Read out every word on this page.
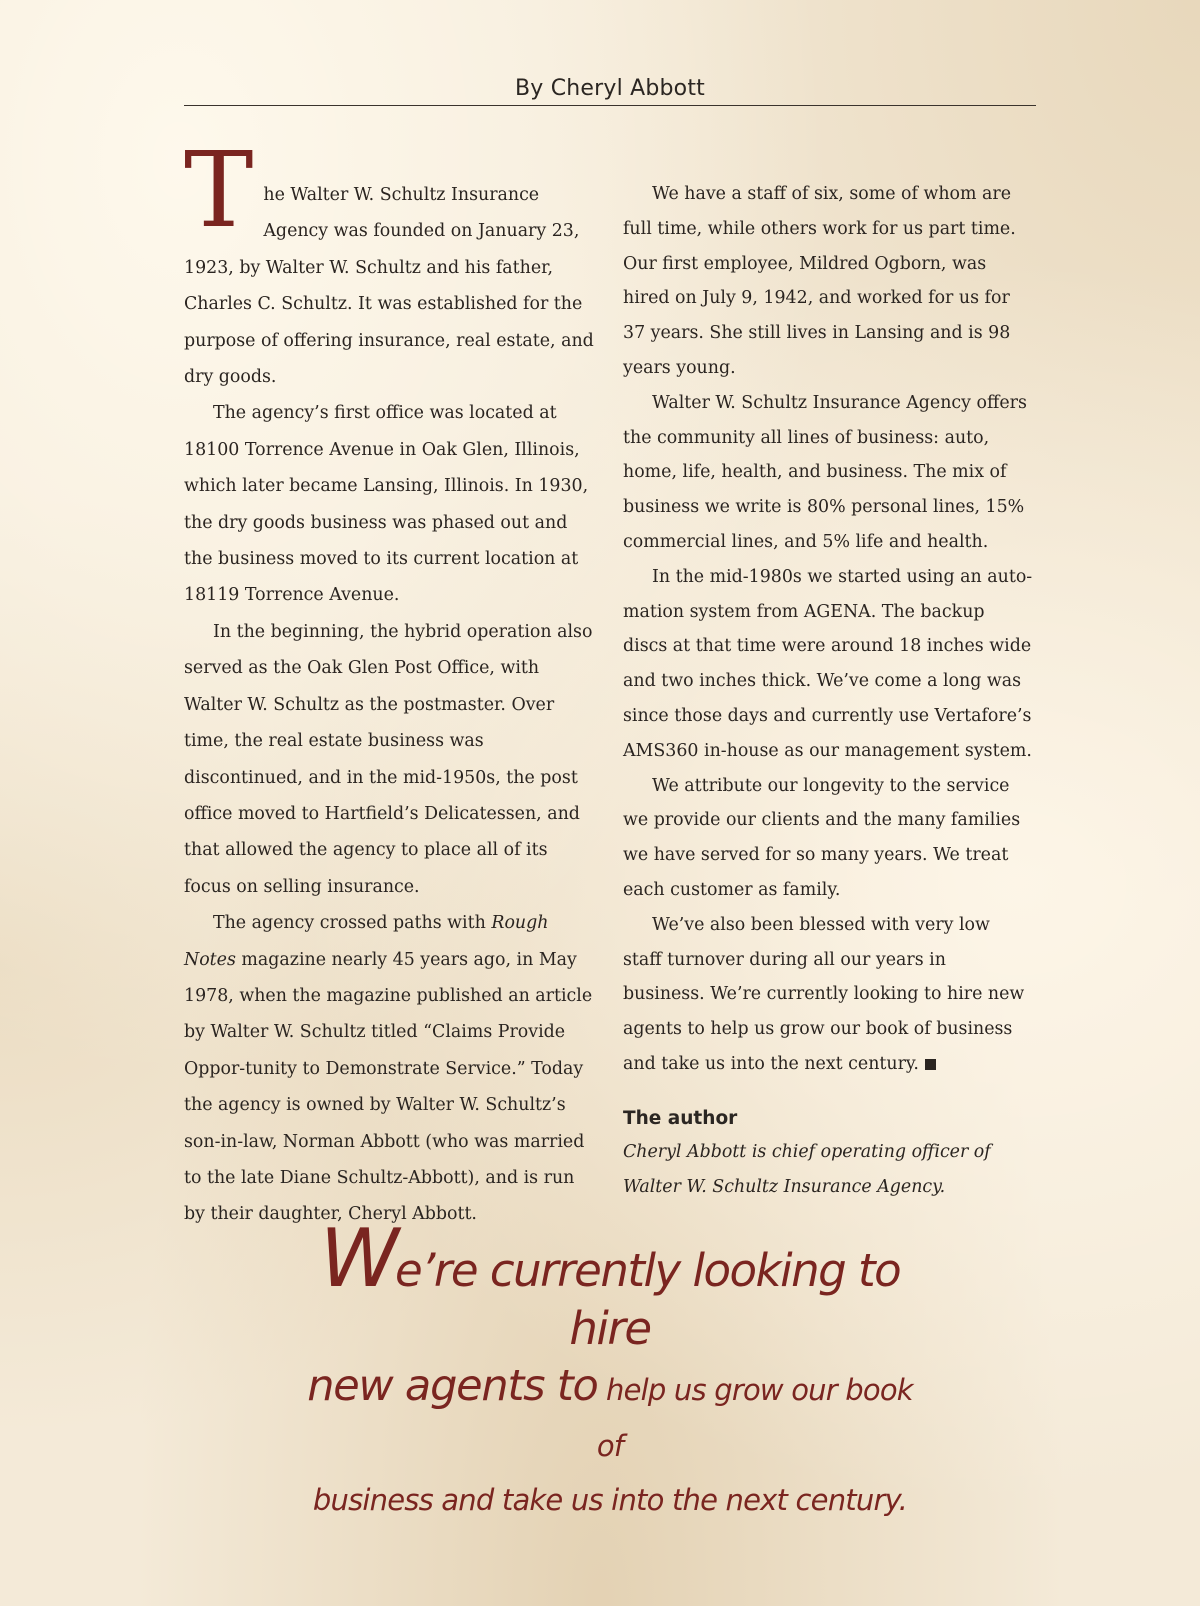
By Cheryl Abbott

The Walter W. Schultz Insurance Agency was founded on January 23, 1923, by Walter W. Schultz and his father, Charles C. Schultz. It was established for the purpose of offering insurance, real estate, and dry goods.

The agency’s first office was located at 18100 Torrence Avenue in Oak Glen, Illinois, which later became Lansing, Illinois. In 1930, the dry goods business was phased out and the business moved to its current location at 18119 Torrence Avenue.

In the beginning, the hybrid operation also served as the Oak Glen Post Office, with Walter W. Schultz as the postmaster. Over time, the real estate business was discontinued, and in the mid-1950s, the post office moved to Hartfield’s Delicatessen, and that allowed the agency to place all of its focus on selling insurance.

The agency crossed paths with Rough Notes magazine nearly 45 years ago, in May 1978, when the magazine published an article by Walter W. Schultz titled “Claims Provide Oppor-tunity to Demonstrate Service.” Today the agency is owned by Walter W. Schultz’s son-in-law, Norman Abbott (who was married to the late Diane Schultz-Abbott), and is run by their daughter, Cheryl Abbott.

We have a staff of six, some of whom are full time, while others work for us part time. Our first employee, Mildred Ogborn, was hired on July 9, 1942, and worked for us for 37 years. She still lives in Lansing and is 98 years young.

Walter W. Schultz Insurance Agency offers the community all lines of business: auto, home, life, health, and business. The mix of business we write is 80% personal lines, 15% commercial lines, and 5% life and health.

In the mid-1980s we started using an auto-mation system from AGENA. The backup discs at that time were around 18 inches wide and two inches thick. We’ve come a long was since those days and currently use Vertafore’s AMS360 in-house as our management system.

We attribute our longevity to the service we provide our clients and the many families we have served for so many years. We treat each customer as family.

We’ve also been blessed with very low staff turnover during all our years in business. We’re currently looking to hire new agents to help us grow our book of business and take us into the next century.

The author

Cheryl Abbott is chief operating officer of Walter W. Schultz Insurance Agency.

We’re currently looking to hire
new agents to help us grow our book of
business and take us into the next century.
